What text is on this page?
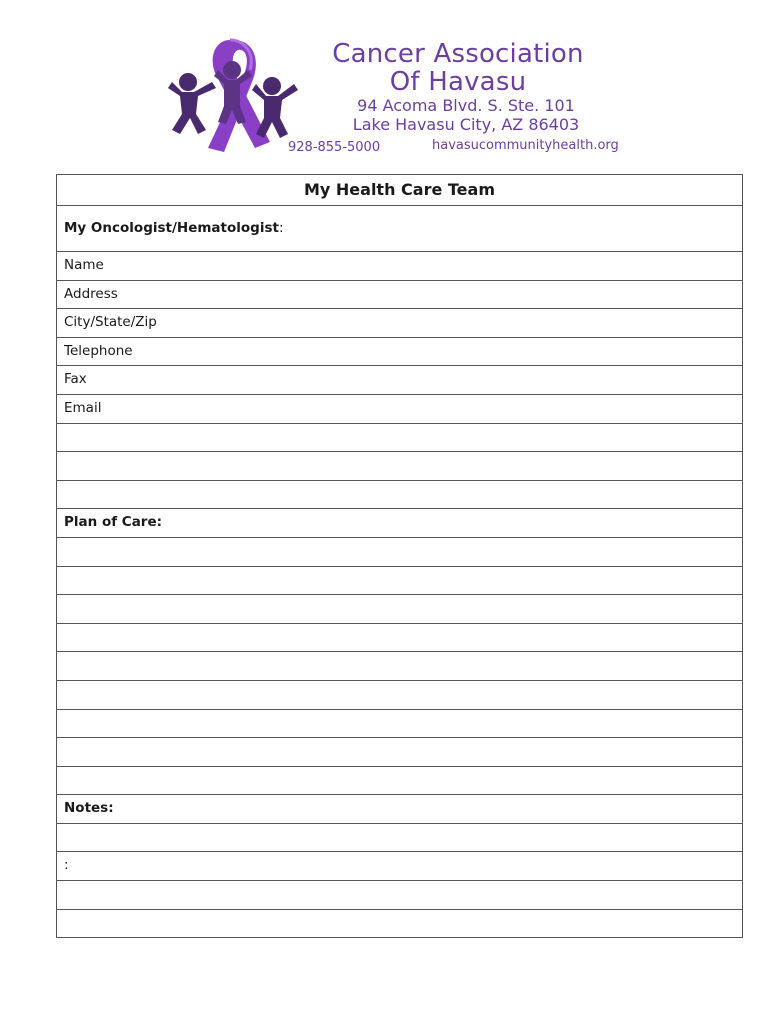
Cancer Association
Of Havasu
94 Acoma Blvd. S. Ste. 101
Lake Havasu City, AZ 86403
928-855-5000	havasucommunityhealth.org
My Health Care Team
My Oncologist/Hematologist:
Name
Address
City/State/Zip
Telephone
Fax
Email
Plan of Care:
Notes:
:
